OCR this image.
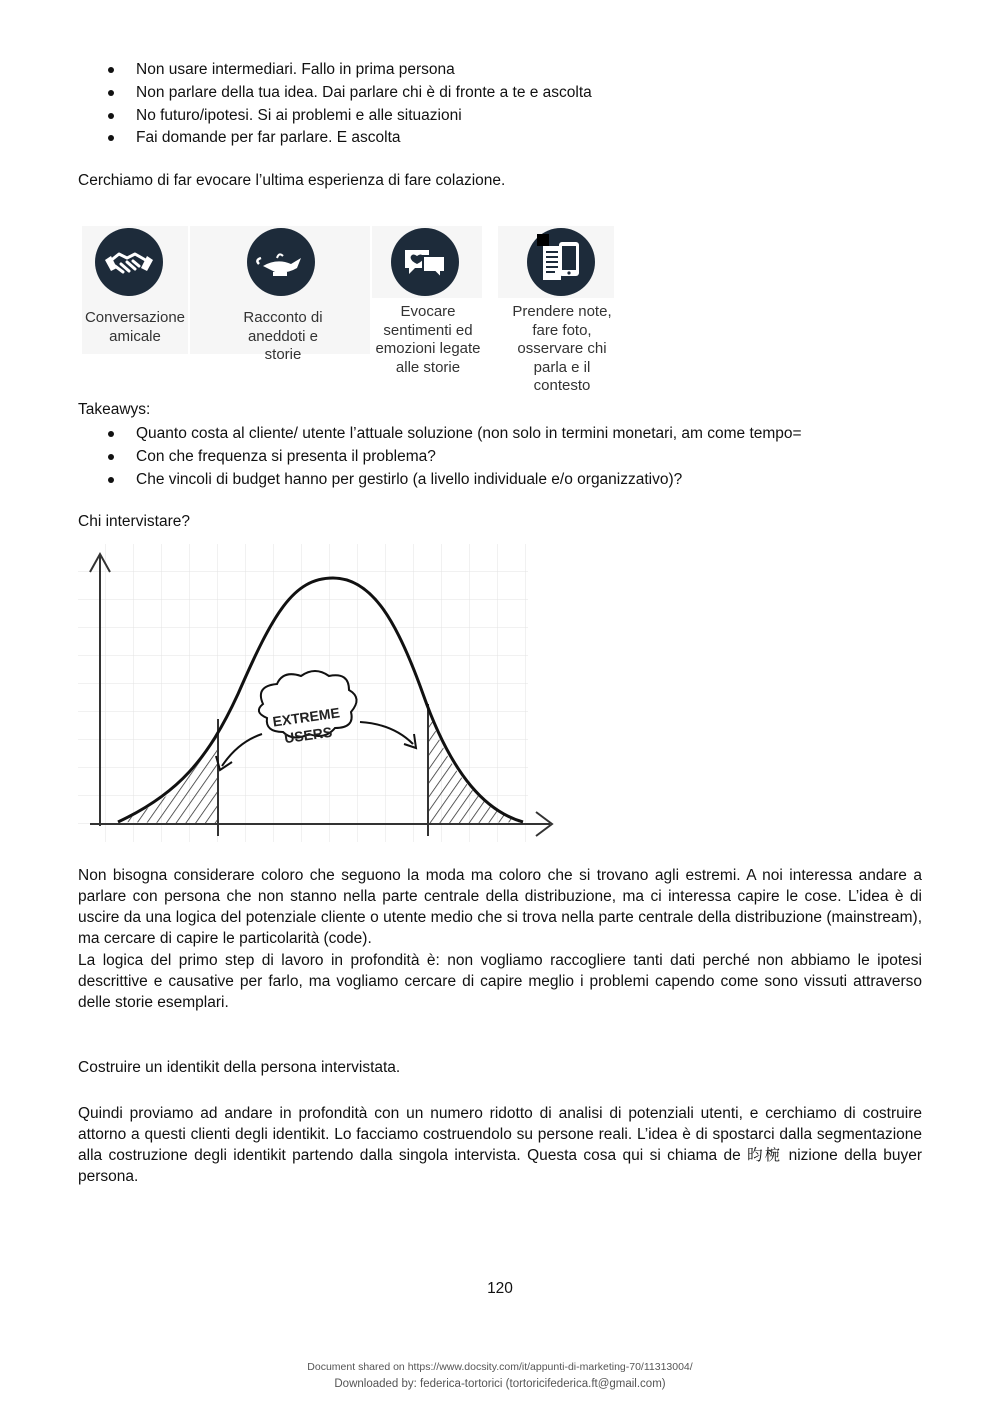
Non usare intermediari. Fallo in prima persona
Non parlare della tua idea. Dai parlare chi è di fronte a te e ascolta
No futuro/ipotesi. Si ai problemi e alle situazioni
Fai domande per far parlare. E ascolta
Cerchiamo di far evocare l’ultima esperienza di fare colazione.
Conversazione amicale
Racconto di aneddoti e storie
Evocare sentimenti ed emozioni legate alle storie
Prendere note, fare foto, osservare chi parla e il contesto
Takeawys:
Quanto costa al cliente/ utente l’attuale soluzione (non solo in termini monetari, am come tempo=
Con che frequenza si presenta il problema?
Che vincoli di budget hanno per gestirlo (a livello individuale e/o organizzativo)?
Chi intervistare?
EXTREME
USERS
Non bisogna considerare coloro che seguono la moda ma coloro che si trovano agli estremi. A noi interessa andare a parlare con persona che non stanno nella parte centrale della distribuzione, ma ci interessa capire le cose. L’idea è di uscire da una logica del potenziale cliente o utente medio che si trova nella parte centrale della distribuzione (mainstream), ma cercare di capire le particolarità (code).
La logica del primo step di lavoro in profondità è: non vogliamo raccogliere tanti dati perché non abbiamo le ipotesi descrittive e causative per farlo, ma vogliamo cercare di capire meglio i problemi capendo come sono vissuti attraverso delle storie esemplari.
Costruire un identikit della persona intervistata.
Quindi proviamo ad andare in profondità con un numero ridotto di analisi di potenziali utenti, e cerchiamo di costruire attorno a questi clienti degli identikit. Lo facciamo costruendolo su persone reali. L’idea è di spostarci dalla segmentazione alla costruzione degli identikit partendo dalla singola intervista. Questa cosa qui si chiama de 昀椀 nizione della buyer persona.
120
Document shared on https://www.docsity.com/it/appunti-di-marketing-70/11313004/
Downloaded by: federica-tortorici (tortoricifederica.ft@gmail.com)
